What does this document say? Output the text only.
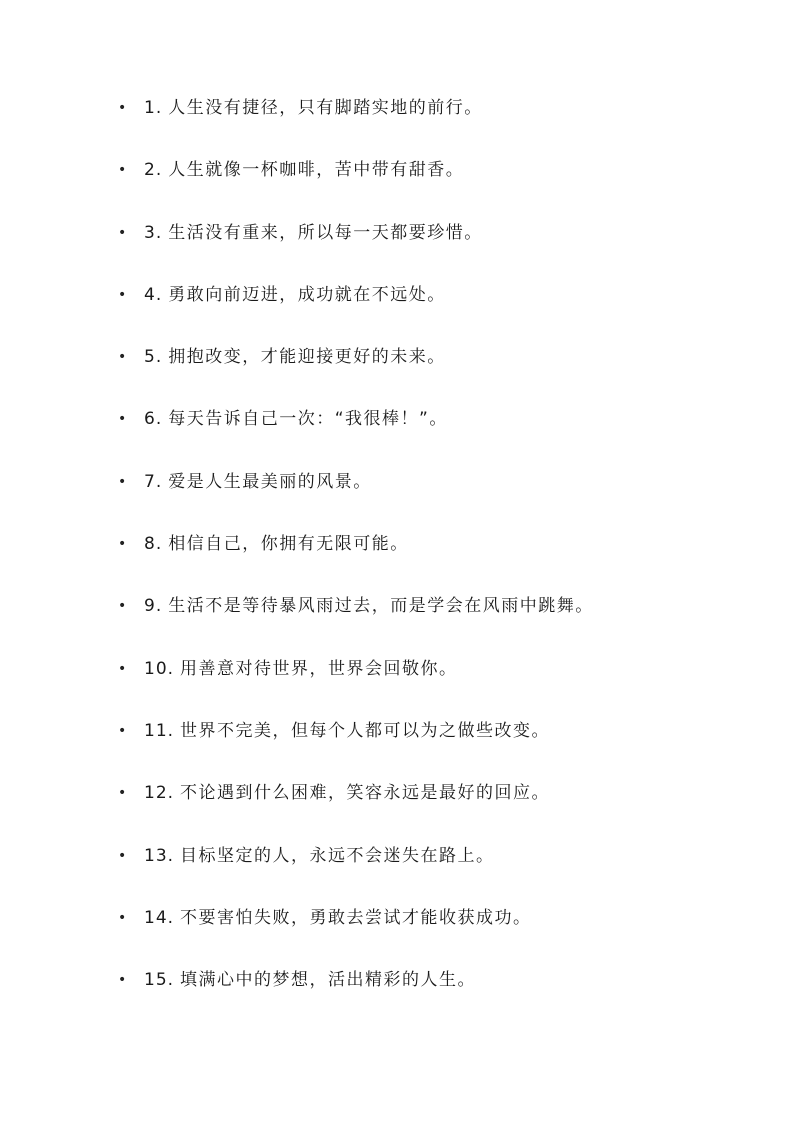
•	1. 人生没有捷径，只有脚踏实地的前行。
•	2. 人生就像一杯咖啡，苦中带有甜香。
•	3. 生活没有重来，所以每一天都要珍惜。
•	4. 勇敢向前迈进，成功就在不远处。
•	5. 拥抱改变，才能迎接更好的未来。
•	6. 每天告诉自己一次：“我很棒！”。
•	7. 爱是人生最美丽的风景。
•	8. 相信自己，你拥有无限可能。
•	9. 生活不是等待暴风雨过去，而是学会在风雨中跳舞。
•	10. 用善意对待世界，世界会回敬你。
•	11. 世界不完美，但每个人都可以为之做些改变。
•	12. 不论遇到什么困难，笑容永远是最好的回应。
•	13. 目标坚定的人，永远不会迷失在路上。
•	14. 不要害怕失败，勇敢去尝试才能收获成功。
•	15. 填满心中的梦想，活出精彩的人生。
